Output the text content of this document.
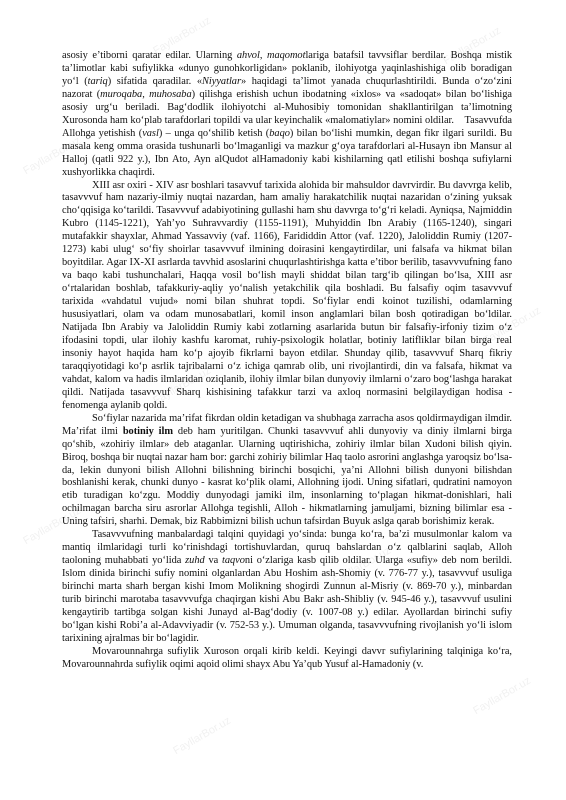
FayllarBor.uz	FayllarBor.uz
FayllarBor.uz
FayllarBor.uz
FayllarBor.uz
FayllarBor.uz
FayllarBor.uz
FayllarBor.uz
FayllarBor.uz
FayllarBor.uz

asosiy e’tiborni qaratar edilar. Ularning ahvol, maqomotlariga batafsil tavvsiflar berdilar. Boshqa mistik ta’limotlar kabi sufiylikka «dunyo gunohkorligidan» poklanib, ilohiyotga yaqinlashishiga olib boradigan yo‘l (tariq) sifatida qaradilar. «Niyyatlar» haqidagi ta’limot yanada chuqurlashtirildi. Bunda o‘zo‘zini nazorat (muroqaba, muhosaba) qilishga erishish uchun ibodatning «ixlos» va «sadoqat» bilan bo‘lishiga asosiy urg‘u beriladi. Bag‘dodlik ilohiyotchi al-Muhosibiy tomonidan shakllantirilgan ta’limotning Xurosonda ham ko‘plab tarafdorlari topildi va ular keyinchalik «malomatiylar» nomini oldilar.    Tasavvufda Allohga yetishish (vasl) – unga qo‘shilib ketish (baqo) bilan bo‘lishi mumkin, degan fikr ilgari surildi. Bu masala keng omma orasida tushunarli bo‘lmaganligi va mazkur g‘oya tarafdorlari al-Husayn ibn Mansur al Halloj (qatli 922 y.), Ibn Ato, Ayn alQudot alHamadoniy kabi kishilarning qatl etilishi boshqa sufiylarni xushyorlikka chaqirdi.

XIII asr oxiri - XIV asr boshlari tasavvuf tarixida alohida bir mahsuldor davrvirdir. Bu davvrga kelib, tasavvvuf ham nazariy-ilmiy nuqtai nazardan, ham amaliy harakatchilik nuqtai nazaridan o‘zining yuksak cho‘qqisiga ko‘tarildi. Tasavvvuf adabiyotining gullashi ham shu davvrga to‘g‘ri keladi. Ayniqsa, Najmiddin Kubro (1145-1221), Yah’yo Suhravvardiy (1155-1191), Muhyiddin Ibn Arabiy (1165-1240), singari mutafakkir shayxlar, Ahmad Yassavviy (vaf. 1166), Farididdin Attor (vaf. 1220), Jaloliddin Rumiy (1207-1273) kabi ulug‘ so‘fiy shoirlar tasavvvuf ilmining doirasini kengaytirdilar, uni falsafa va hikmat bilan boyitdilar. Agar IX-XI asrlarda tavvhid asoslarini chuqurlashtirishga katta e’tibor berilib, tasavvvufning fano va baqo kabi tushunchalari, Haqqa vosil bo‘lish mayli shiddat bilan targ‘ib qilingan bo‘lsa, XIII asr o‘rtalaridan boshlab, tafakkuriy-aqliy yo‘nalish yetakchilik qila boshladi. Bu falsafiy oqim tasavvvuf tarixida «vahdatul vujud» nomi bilan shuhrat topdi. So‘fiylar endi koinot tuzilishi, odamlarning hususiyatlari, olam va odam munosabatlari, komil inson anglamlari bilan bosh qotiradigan bo‘ldilar. Natijada Ibn Arabiy va Jaloliddin Rumiy kabi zotlarning asarlarida butun bir falsafiy-irfoniy tizim o‘z ifodasini topdi, ular ilohiy kashfu karomat, ruhiy-psixologik holatlar, botiniy latifliklar bilan birga real insoniy hayot haqida ham ko‘p ajoyib fikrlarni bayon etdilar. Shunday qilib, tasavvvuf Sharq fikriy taraqqiyotidagi ko‘p asrlik tajribalarni o‘z ichiga qamrab olib, uni rivojlantirdi, din va falsafa, hikmat va vahdat, kalom va hadis ilmlaridan oziqlanib, ilohiy ilmlar bilan dunyoviy ilmlarni o‘zaro bog‘lashga harakat qildi. Natijada tasavvvuf Sharq kishisining tafakkur tarzi va axloq normasini belgilaydigan hodisa - fenomenga aylanib qoldi.

So‘fiylar nazarida ma’rifat fikrdan oldin ketadigan va shubhaga zarracha asos qoldirmaydigan ilmdir. Ma’rifat ilmi botiniy ilm deb ham yuritilgan. Chunki tasavvvuf ahli dunyoviy va diniy ilmlarni birga qo‘shib, «zohiriy ilmlar» deb ataganlar. Ularning uqtirishicha, zohiriy ilmlar bilan Xudoni bilish qiyin. Biroq, boshqa bir nuqtai nazar ham bor: garchi zohiriy bilimlar Haq taolo asrorini anglashga yaroqsiz bo‘lsa-da, lekin dunyoni bilish Allohni bilishning birinchi bosqichi, ya’ni Allohni bilish dunyoni bilishdan boshlanishi kerak, chunki dunyo - kasrat ko‘plik olami, Allohning ijodi. Uning sifatlari, qudratini namoyon etib turadigan ko‘zgu. Moddiy dunyodagi jamiki ilm, insonlarning to‘plagan hikmat-donishlari, hali ochilmagan barcha siru asrorlar Allohga tegishli, Alloh - hikmatlarning jamuljami, bizning bilimlar esa - Uning tafsiri, sharhi. Demak, biz Rabbimizni bilish uchun tafsirdan Buyuk aslga qarab borishimiz kerak.

Tasavvvufning manbalardagi talqini quyidagi yo‘sinda: bunga ko‘ra, ba’zi musulmonlar kalom va mantiq ilmlaridagi turli ko‘rinishdagi tortishuvlardan, quruq bahslardan o‘z qalblarini saqlab, Alloh taoloning muhabbati yo‘lida zuhd va taqvoni o‘zlariga kasb qilib oldilar. Ularga «sufiy» deb nom berildi. Islom dinida birinchi sufiy nomini olganlardan Abu Hoshim ash-Shomiy (v. 776-77 y.), tasavvvuf usuliga birinchi marta sharh bergan kishi Imom Molikning shogirdi Zunnun al-Misriy (v. 869-70 y.), minbardan turib birinchi marotaba tasavvvufga chaqirgan kishi Abu Bakr ash-Shibliy (v. 945-46 y.), tasavvvuf usulini kengaytirib tartibga solgan kishi Junayd al-Bag‘dodiy (v. 1007-08 y.) edilar. Ayollardan birinchi sufiy bo‘lgan kishi Robi’a al-Adavviyadir (v. 752-53 y.). Umuman olganda, tasavvvufning rivojlanish yo‘li islom tarixining ajralmas bir bo‘lagidir.

Movarounnahrga sufiylik Xuroson orqali kirib keldi. Keyingi davvr sufiylarining talqiniga ko‘ra, Movarounnahrda sufiylik oqimi aqoid olimi shayx Abu Ya’qub Yusuf al-Hamadoniy (v.
